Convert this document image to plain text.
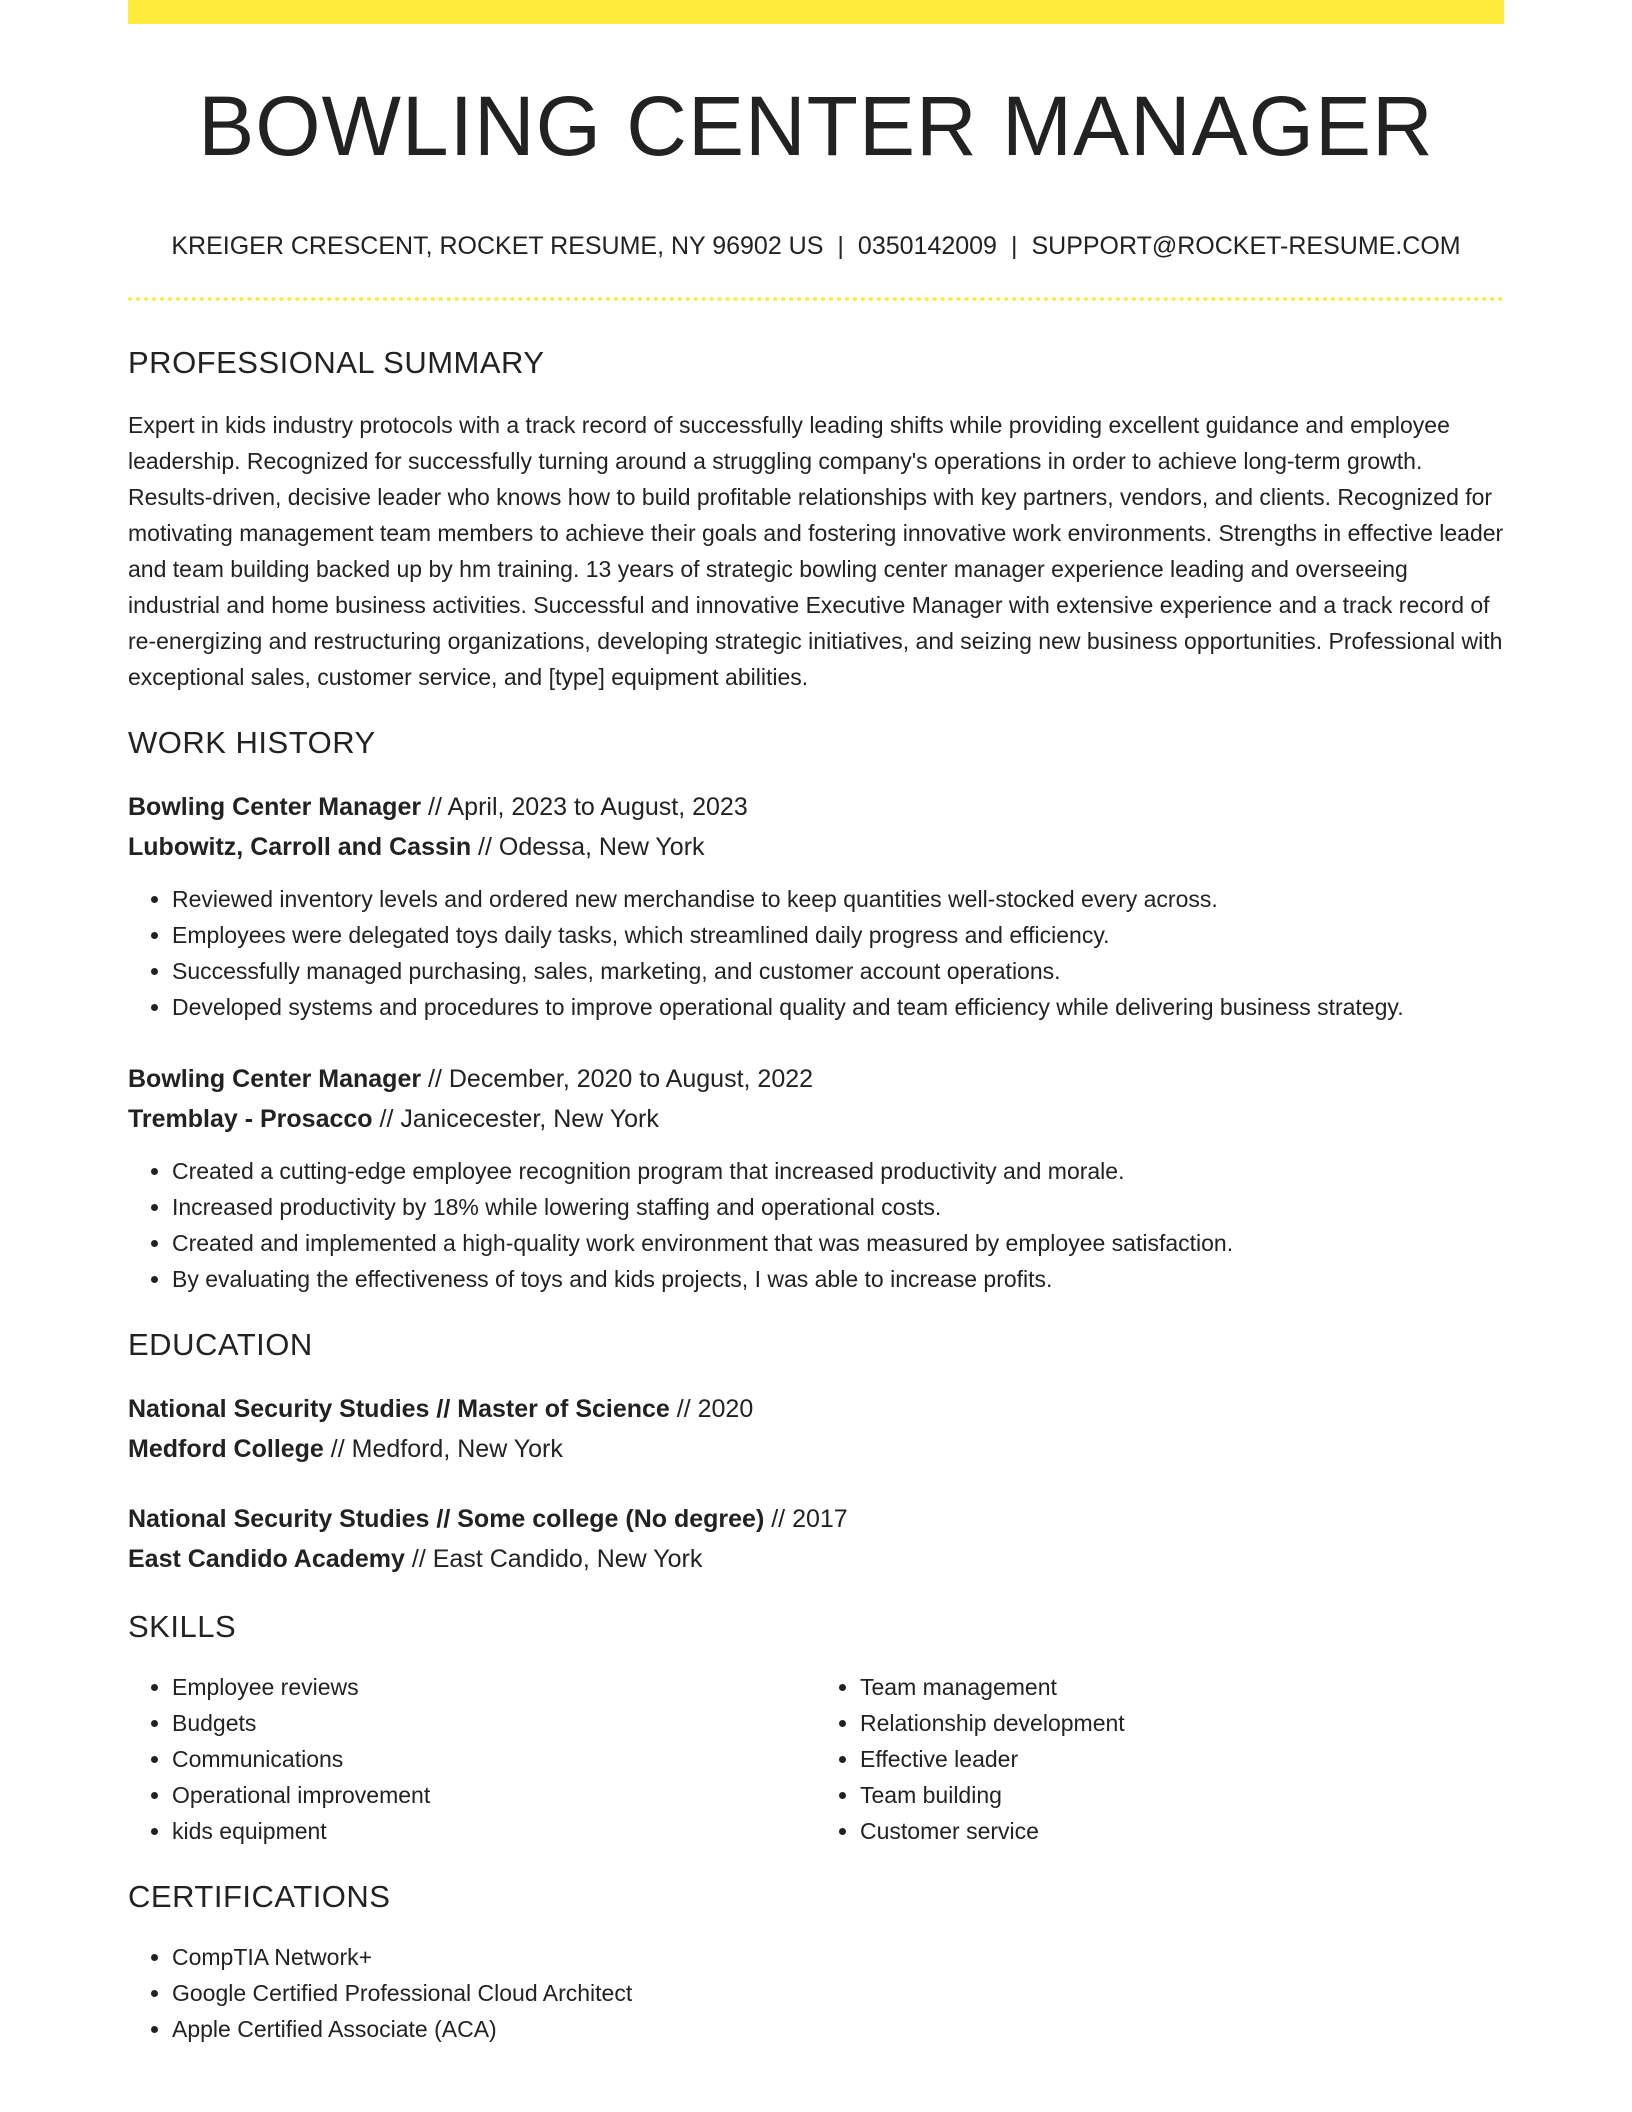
BOWLING CENTER MANAGER
KREIGER CRESCENT, ROCKET RESUME, NY 96902 US | 0350142009 | SUPPORT@ROCKET-RESUME.COM
PROFESSIONAL SUMMARY

Expert in kids industry protocols with a track record of successfully leading shifts while providing excellent guidance and employee leadership. Recognized for successfully turning around a struggling company's operations in order to achieve long-term growth. Results-driven, decisive leader who knows how to build profitable relationships with key partners, vendors, and clients. Recognized for motivating management team members to achieve their goals and fostering innovative work environments. Strengths in effective leader and team building backed up by hm training. 13 years of strategic bowling center manager experience leading and overseeing industrial and home business activities. Successful and innovative Executive Manager with extensive experience and a track record of re-energizing and restructuring organizations, developing strategic initiatives, and seizing new business opportunities. Professional with exceptional sales, customer service, and [type] equipment abilities.

WORK HISTORY
Bowling Center Manager // April, 2023 to August, 2023
Lubowitz, Carroll and Cassin // Odessa, New York
• Reviewed inventory levels and ordered new merchandise to keep quantities well-stocked every across.
• Employees were delegated toys daily tasks, which streamlined daily progress and efficiency.
• Successfully managed purchasing, sales, marketing, and customer account operations.
• Developed systems and procedures to improve operational quality and team efficiency while delivering business strategy.
Bowling Center Manager // December, 2020 to August, 2022
Tremblay - Prosacco // Janicecester, New York
• Created a cutting-edge employee recognition program that increased productivity and morale.
• Increased productivity by 18% while lowering staffing and operational costs.
• Created and implemented a high-quality work environment that was measured by employee satisfaction.
• By evaluating the effectiveness of toys and kids projects, I was able to increase profits.
EDUCATION
National Security Studies // Master of Science // 2020
Medford College // Medford, New York
National Security Studies // Some college (No degree) // 2017
East Candido Academy // East Candido, New York
SKILLS
• Employee reviews
• Budgets
• Communications
• Operational improvement
• kids equipment
• Team management
• Relationship development
• Effective leader
• Team building
• Customer service
CERTIFICATIONS
• CompTIA Network+
• Google Certified Professional Cloud Architect
• Apple Certified Associate (ACA)
